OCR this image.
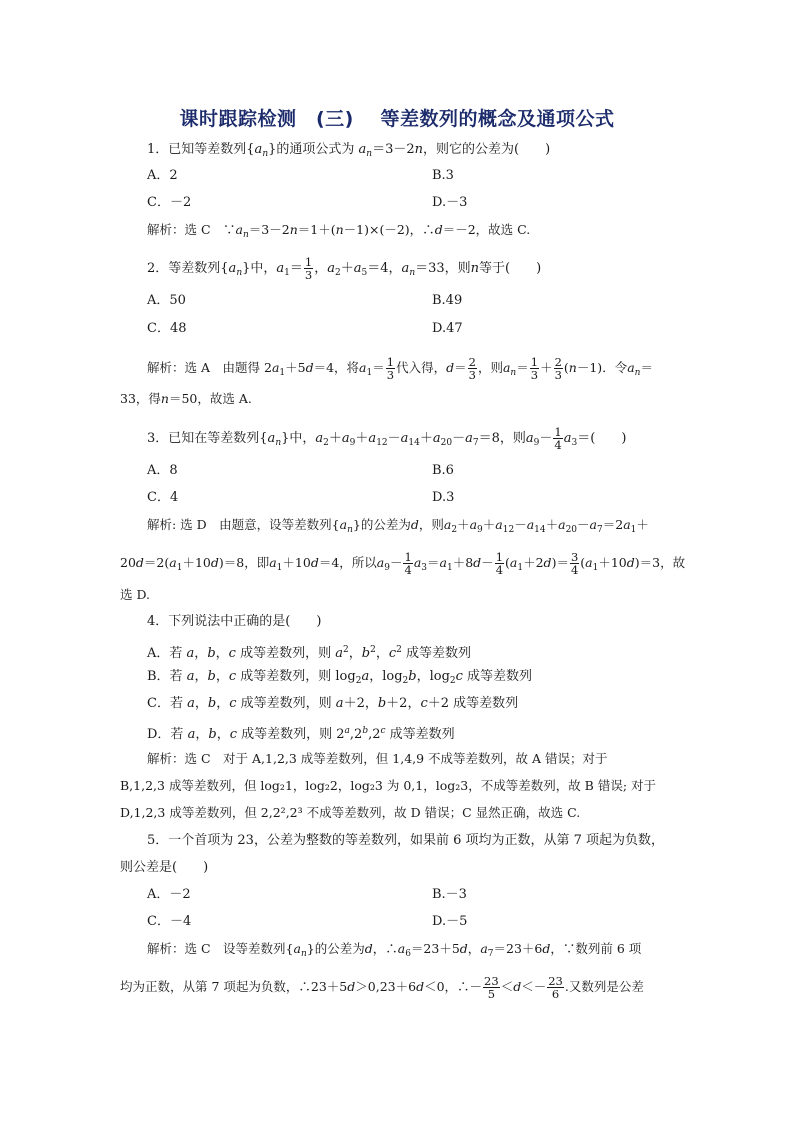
课时跟踪检测　(三)　 等差数列的概念及通项公式
1．已知等差数列$\{a_n\}$的通项公式为 $a_n=3-2n$，则它的公差为(　　)
A．2	B.3
C．－2	D.－3
解析：选 C　$\because a_n=3-2n=1+(n-1)\times(-2)$，∴d＝－2，故选 C.
2．等差数列$\{a_n\}$中，$a_1= \frac{1}{3}$ ，$a_2+a_5=4$，$a_n=33$，则n等于(　　)
A．50	B.49
C．48	D.47
解析：选 A　由题得 $2a_1+5d=4$，将$a_1= \frac{1}{3}$ 代入得，$d= \frac{2}{3}$ ，则$a_n= \frac{1}{3} + \frac{2}{3} (n-1)$．令$a_n=$
33，得n＝50，故选 A.
3．已知在等差数列$\{a_n\}$中，$a_2+a_9+a_{12}-a_{14}+a_{20}-a_7=8$，则$a_9- \frac{1}{4} a_3=$(　　)
A．8	B.6
C．4	D.3
解析: 选 D　由题意，设等差数列$\{a_n\}$的公差为d，则$a_2+a_9+a_{12}-a_{14}+a_{20}-a_7=2a_1+$
$20d=2(a_1+10d)=8$，即$a_1+10d=4$，所以$a_9- \frac{1}{4} a_3=a_1+8d- \frac{1}{4} (a_1+2d)= \frac{3}{4} (a_1+10d)=3$，故
选 D.
4．下列说法中正确的是(　　)
A．若 a，b，c 成等差数列，则 $a^2$，$b^2$，$c^2$ 成等差数列
B．若 a，b，c 成等差数列，则 $\log_2a$，$\log_2b$，$\log_2c$ 成等差数列
C．若 a，b，c 成等差数列，则 a＋2，b＋2，c＋2 成等差数列
D．若 a，b，c 成等差数列，则 2$^a$,2$^b$,2$^c$ 成等差数列
解析：选 C　对于 A,1,2,3 成等差数列，但 1,4,9 不成等差数列，故 A 错误；对于
B,1,2,3 成等差数列，但 log₂1，log₂2，log₂3 为 0,1，log₂3，不成等差数列，故 B 错误; 对于
D,1,2,3 成等差数列，但 2,2²,2³ 不成等差数列，故 D 错误；C 显然正确，故选 C.
5．一个首项为 23，公差为整数的等差数列，如果前 6 项均为正数，从第 7 项起为负数，
则公差是(　　)
A．－2	B.－3
C．－4	D.－5
解析：选 C　设等差数列$\{a_n\}$的公差为d，$\therefore a_6=23+5d$，$a_7=23+6d$，∵数列前 6 项
均为正数，从第 7 项起为负数，∴23＋5d＞0,23＋6d＜0，∴－ $\frac{23}{5} <d<- \frac{23}{6}$ .又数列是公差
